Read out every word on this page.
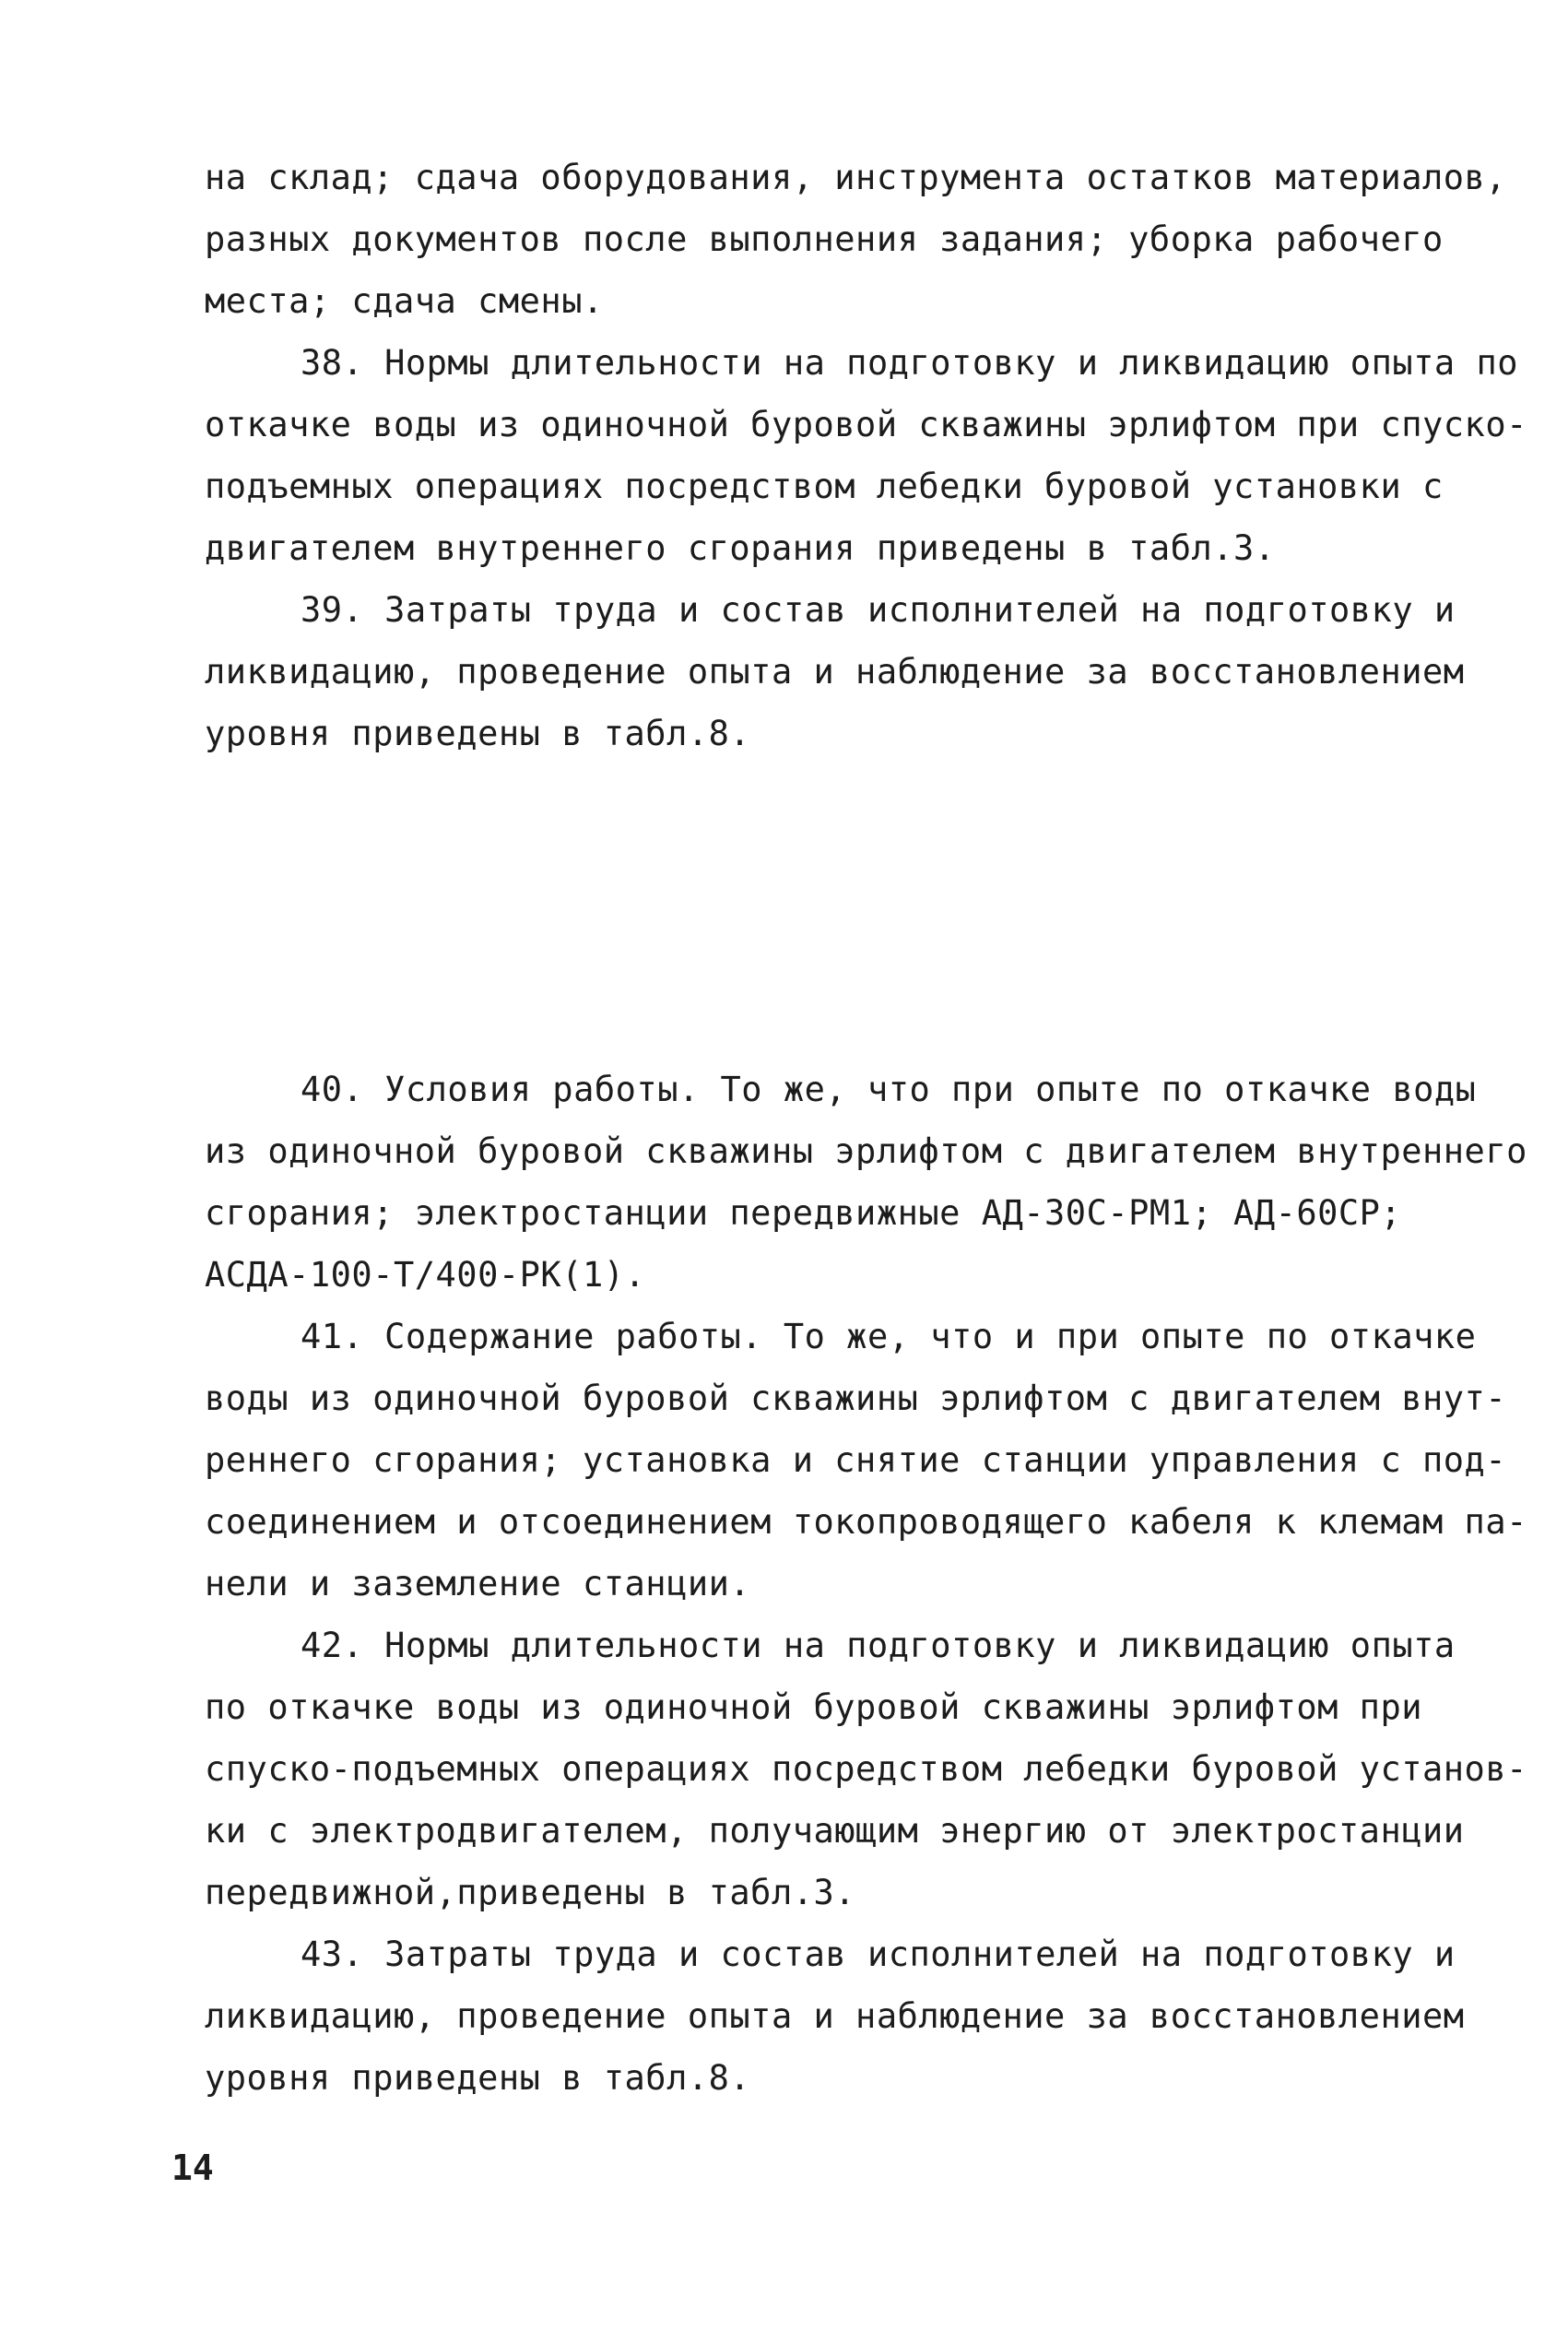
на склад; сдача оборудования, инструмента остатков материалов,
разных документов после выполнения задания; уборка рабочего
места; сдача смены.
38. Нормы длительности на подготовку и ликвидацию опыта по
откачке воды из одиночной буровой скважины эрлифтом при спуско-
подъемных операциях посредством лебедки буровой установки с
двигателем внутреннего сгорания приведены в табл.3.
39. Затраты труда и состав исполнителей на подготовку и
ликвидацию, проведение опыта и наблюдение за восстановлением
уровня приведены в табл.8.
40. Условия работы. То же, что при опыте по откачке воды
из одиночной буровой скважины эрлифтом с двигателем внутреннего
сгорания; электростанции передвижные АД-30С-РМ1; АД-60СР;
АСДА-100-Т/400-РК(1).
41. Содержание работы. То же, что и при опыте по откачке
воды из одиночной буровой скважины эрлифтом с двигателем внут-
реннего сгорания; установка и снятие станции управления с под-
соединением и отсоединением токопроводящего кабеля к клемам па-
нели и заземление станции.
42. Нормы длительности на подготовку и ликвидацию опыта
по откачке воды из одиночной буровой скважины эрлифтом при
спуско-подъемных операциях посредством лебедки буровой установ-
ки с электродвигателем, получающим энергию от электростанции
передвижной,приведены в табл.3.
43. Затраты труда и состав исполнителей на подготовку и
ликвидацию, проведение опыта и наблюдение за восстановлением
уровня приведены в табл.8.
14
